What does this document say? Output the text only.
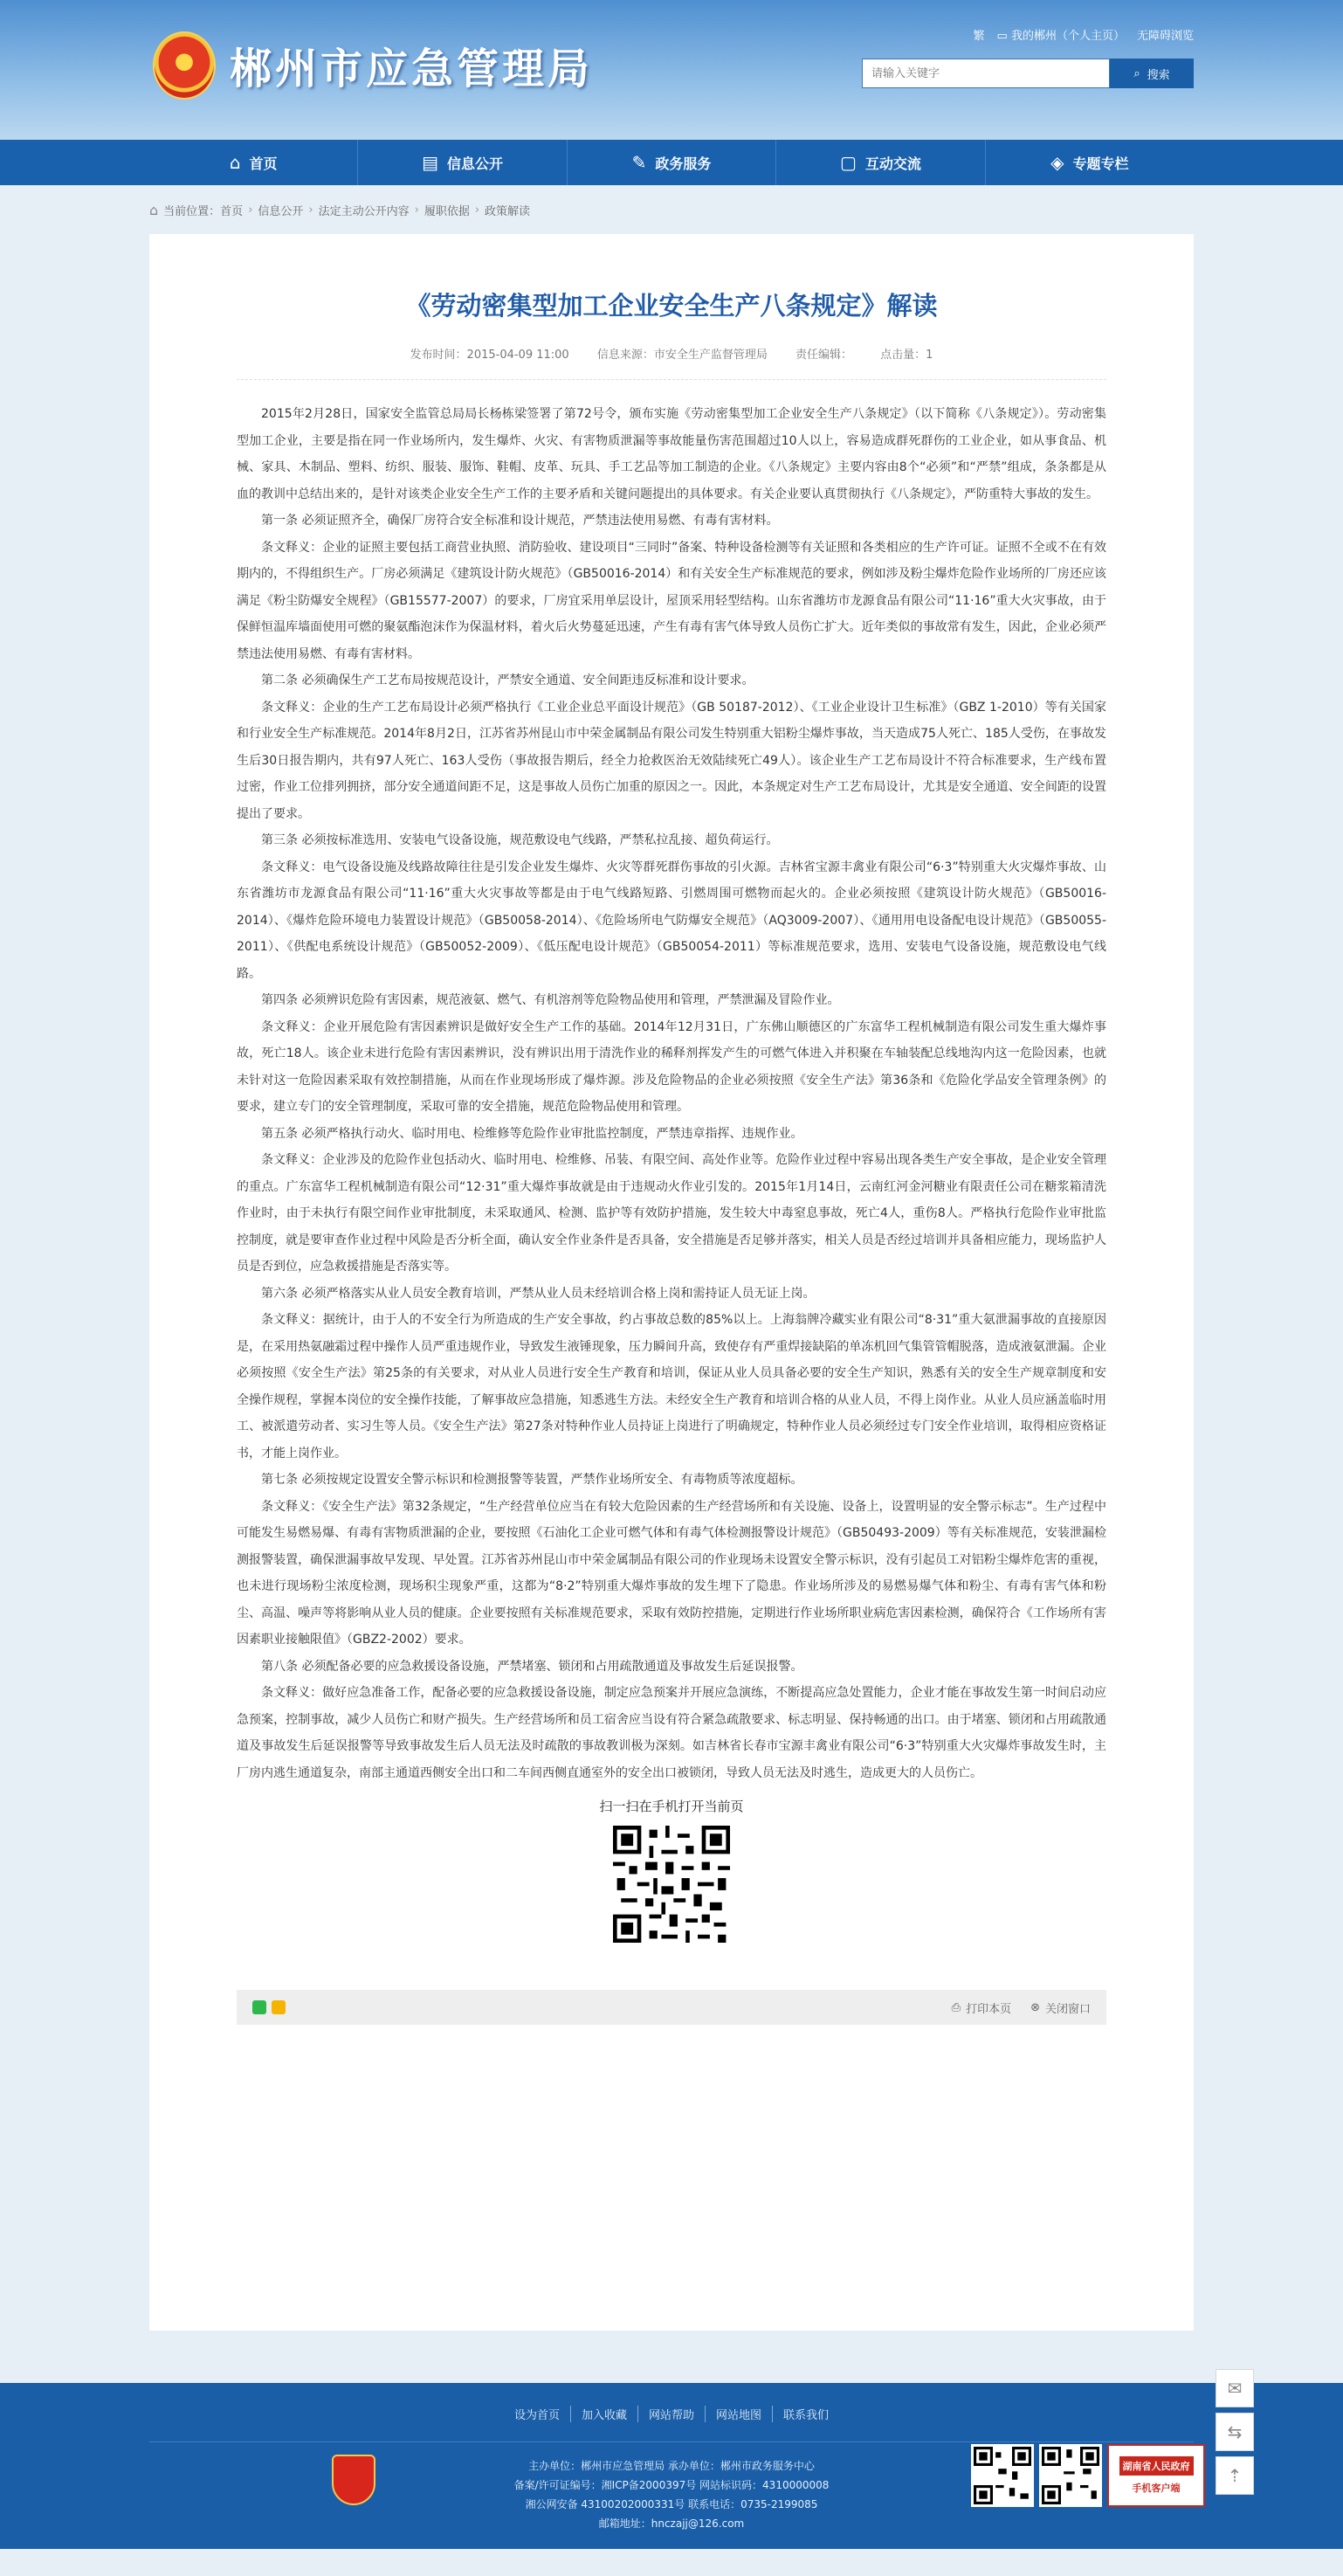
郴州市应急管理局
繁 ▭ 我的郴州（个人主页） 无障碍浏览
请输入关键字
⌕ 搜索
⌂ 首页	▤ 信息公开	✎ 政务服务	▢ 互动交流	◈ 专题专栏
⌂ 当前位置： 首页 › 信息公开 › 法定主动公开内容 › 履职依据 › 政策解读
《劳动密集型加工企业安全生产八条规定》解读
发布时间：2015-04-09 11:00 信息来源：市安全生产监督管理局 责任编辑： 点击量：1

2015年2月28日，国家安全监管总局局长杨栋梁签署了第72号令，颁布实施《劳动密集型加工企业安全生产八条规定》（以下简称《八条规定》）。劳动密集型加工企业，主要是指在同一作业场所内，发生爆炸、火灾、有害物质泄漏等事故能量伤害范围超过10人以上，容易造成群死群伤的工业企业，如从事食品、机械、家具、木制品、塑料、纺织、服装、服饰、鞋帽、皮革、玩具、手工艺品等加工制造的企业。《八条规定》主要内容由8个“必须”和“严禁”组成，条条都是从血的教训中总结出来的，是针对该类企业安全生产工作的主要矛盾和关键问题提出的具体要求。有关企业要认真贯彻执行《八条规定》，严防重特大事故的发生。

第一条 必须证照齐全，确保厂房符合安全标准和设计规范，严禁违法使用易燃、有毒有害材料。

条文释义：企业的证照主要包括工商营业执照、消防验收、建设项目“三同时”备案、特种设备检测等有关证照和各类相应的生产许可证。证照不全或不在有效期内的，不得组织生产。厂房必须满足《建筑设计防火规范》（GB50016-2014）和有关安全生产标准规范的要求，例如涉及粉尘爆炸危险作业场所的厂房还应该满足《粉尘防爆安全规程》（GB15577-2007）的要求，厂房宜采用单层设计，屋顶采用轻型结构。山东省潍坊市龙源食品有限公司“11·16”重大火灾事故，由于保鲜恒温库墙面使用可燃的聚氨酯泡沫作为保温材料，着火后火势蔓延迅速，产生有毒有害气体导致人员伤亡扩大。近年类似的事故常有发生，因此，企业必须严禁违法使用易燃、有毒有害材料。

第二条 必须确保生产工艺布局按规范设计，严禁安全通道、安全间距违反标准和设计要求。

条文释义：企业的生产工艺布局设计必须严格执行《工业企业总平面设计规范》（GB 50187-2012）、《工业企业设计卫生标准》（GBZ 1-2010）等有关国家和行业安全生产标准规范。2014年8月2日，江苏省苏州昆山市中荣金属制品有限公司发生特别重大铝粉尘爆炸事故，当天造成75人死亡、185人受伤，在事故发生后30日报告期内，共有97人死亡、163人受伤（事故报告期后，经全力抢救医治无效陆续死亡49人）。该企业生产工艺布局设计不符合标准要求，生产线布置过密，作业工位排列拥挤，部分安全通道间距不足，这是事故人员伤亡加重的原因之一。因此，本条规定对生产工艺布局设计，尤其是安全通道、安全间距的设置提出了要求。

第三条 必须按标准选用、安装电气设备设施，规范敷设电气线路，严禁私拉乱接、超负荷运行。

条文释义：电气设备设施及线路故障往往是引发企业发生爆炸、火灾等群死群伤事故的引火源。吉林省宝源丰禽业有限公司“6·3”特别重大火灾爆炸事故、山东省潍坊市龙源食品有限公司“11·16”重大火灾事故等都是由于电气线路短路、引燃周围可燃物而起火的。企业必须按照《建筑设计防火规范》（GB50016-2014）、《爆炸危险环境电力装置设计规范》（GB50058-2014）、《危险场所电气防爆安全规范》（AQ3009-2007）、《通用用电设备配电设计规范》（GB50055-2011）、《供配电系统设计规范》（GB50052-2009）、《低压配电设计规范》（GB50054-2011）等标准规范要求，选用、安装电气设备设施，规范敷设电气线路。

第四条 必须辨识危险有害因素，规范液氨、燃气、有机溶剂等危险物品使用和管理，严禁泄漏及冒险作业。

条文释义：企业开展危险有害因素辨识是做好安全生产工作的基础。2014年12月31日，广东佛山顺德区的广东富华工程机械制造有限公司发生重大爆炸事故，死亡18人。该企业未进行危险有害因素辨识，没有辨识出用于清洗作业的稀释剂挥发产生的可燃气体进入并积聚在车轴装配总线地沟内这一危险因素，也就未针对这一危险因素采取有效控制措施，从而在作业现场形成了爆炸源。涉及危险物品的企业必须按照《安全生产法》第36条和《危险化学品安全管理条例》的要求，建立专门的安全管理制度，采取可靠的安全措施，规范危险物品使用和管理。

第五条 必须严格执行动火、临时用电、检维修等危险作业审批监控制度，严禁违章指挥、违规作业。

条文释义：企业涉及的危险作业包括动火、临时用电、检维修、吊装、有限空间、高处作业等。危险作业过程中容易出现各类生产安全事故，是企业安全管理的重点。广东富华工程机械制造有限公司“12·31”重大爆炸事故就是由于违规动火作业引发的。2015年1月14日，云南红河金河糖业有限责任公司在糖浆箱清洗作业时，由于未执行有限空间作业审批制度，未采取通风、检测、监护等有效防护措施，发生较大中毒窒息事故，死亡4人，重伤8人。严格执行危险作业审批监控制度，就是要审查作业过程中风险是否分析全面，确认安全作业条件是否具备，安全措施是否足够并落实，相关人员是否经过培训并具备相应能力，现场监护人员是否到位，应急救援措施是否落实等。

第六条 必须严格落实从业人员安全教育培训，严禁从业人员未经培训合格上岗和需持证人员无证上岗。

条文释义：据统计，由于人的不安全行为所造成的生产安全事故，约占事故总数的85%以上。上海翁牌冷藏实业有限公司“8·31”重大氨泄漏事故的直接原因是，在采用热氨融霜过程中操作人员严重违规作业，导致发生液锤现象，压力瞬间升高，致使存有严重焊接缺陷的单冻机回气集管管帽脱落，造成液氨泄漏。企业必须按照《安全生产法》第25条的有关要求，对从业人员进行安全生产教育和培训，保证从业人员具备必要的安全生产知识，熟悉有关的安全生产规章制度和安全操作规程，掌握本岗位的安全操作技能，了解事故应急措施，知悉逃生方法。未经安全生产教育和培训合格的从业人员，不得上岗作业。从业人员应涵盖临时用工、被派遣劳动者、实习生等人员。《安全生产法》第27条对特种作业人员持证上岗进行了明确规定，特种作业人员必须经过专门安全作业培训，取得相应资格证书，才能上岗作业。

第七条 必须按规定设置安全警示标识和检测报警等装置，严禁作业场所安全、有毒物质等浓度超标。

条文释义：《安全生产法》第32条规定，“生产经营单位应当在有较大危险因素的生产经营场所和有关设施、设备上，设置明显的安全警示标志”。生产过程中可能发生易燃易爆、有毒有害物质泄漏的企业，要按照《石油化工企业可燃气体和有毒气体检测报警设计规范》（GB50493-2009）等有关标准规范，安装泄漏检测报警装置，确保泄漏事故早发现、早处置。江苏省苏州昆山市中荣金属制品有限公司的作业现场未设置安全警示标识，没有引起员工对铝粉尘爆炸危害的重视，也未进行现场粉尘浓度检测，现场积尘现象严重，这都为“8·2”特别重大爆炸事故的发生埋下了隐患。作业场所涉及的易燃易爆气体和粉尘、有毒有害气体和粉尘、高温、噪声等将影响从业人员的健康。企业要按照有关标准规范要求，采取有效防控措施，定期进行作业场所职业病危害因素检测，确保符合《工作场所有害因素职业接触限值》（GBZ2-2002）要求。

第八条 必须配备必要的应急救援设备设施，严禁堵塞、锁闭和占用疏散通道及事故发生后延误报警。

条文释义：做好应急准备工作，配备必要的应急救援设备设施，制定应急预案并开展应急演练，不断提高应急处置能力，企业才能在事故发生第一时间启动应急预案，控制事故，减少人员伤亡和财产损失。生产经营场所和员工宿舍应当设有符合紧急疏散要求、标志明显、保持畅通的出口。由于堵塞、锁闭和占用疏散通道及事故发生后延误报警等导致事故发生后人员无法及时疏散的事故教训极为深刻。如吉林省长春市宝源丰禽业有限公司“6·3”特别重大火灾爆炸事故发生时，主厂房内逃生通道复杂，南部主通道西侧安全出口和二车间西侧直通室外的安全出口被锁闭，导致人员无法及时逃生，造成更大的人员伤亡。

扫一扫在手机打开当前页
⎙ 打印本页 ⊗ 关闭窗口
设为首页	加入收藏	网站帮助	网站地图	联系我们
主办单位：郴州市应急管理局 承办单位：郴州市政务服务中心
备案/许可证编号：湘ICP备2000397号 网站标识码：4310000008
湘公网安备 43100202000331号 联系电话：0735-2199085
邮箱地址：hnczajj@126.com
湖南省人民政府
手机客户端
✉
⇆
⇡
